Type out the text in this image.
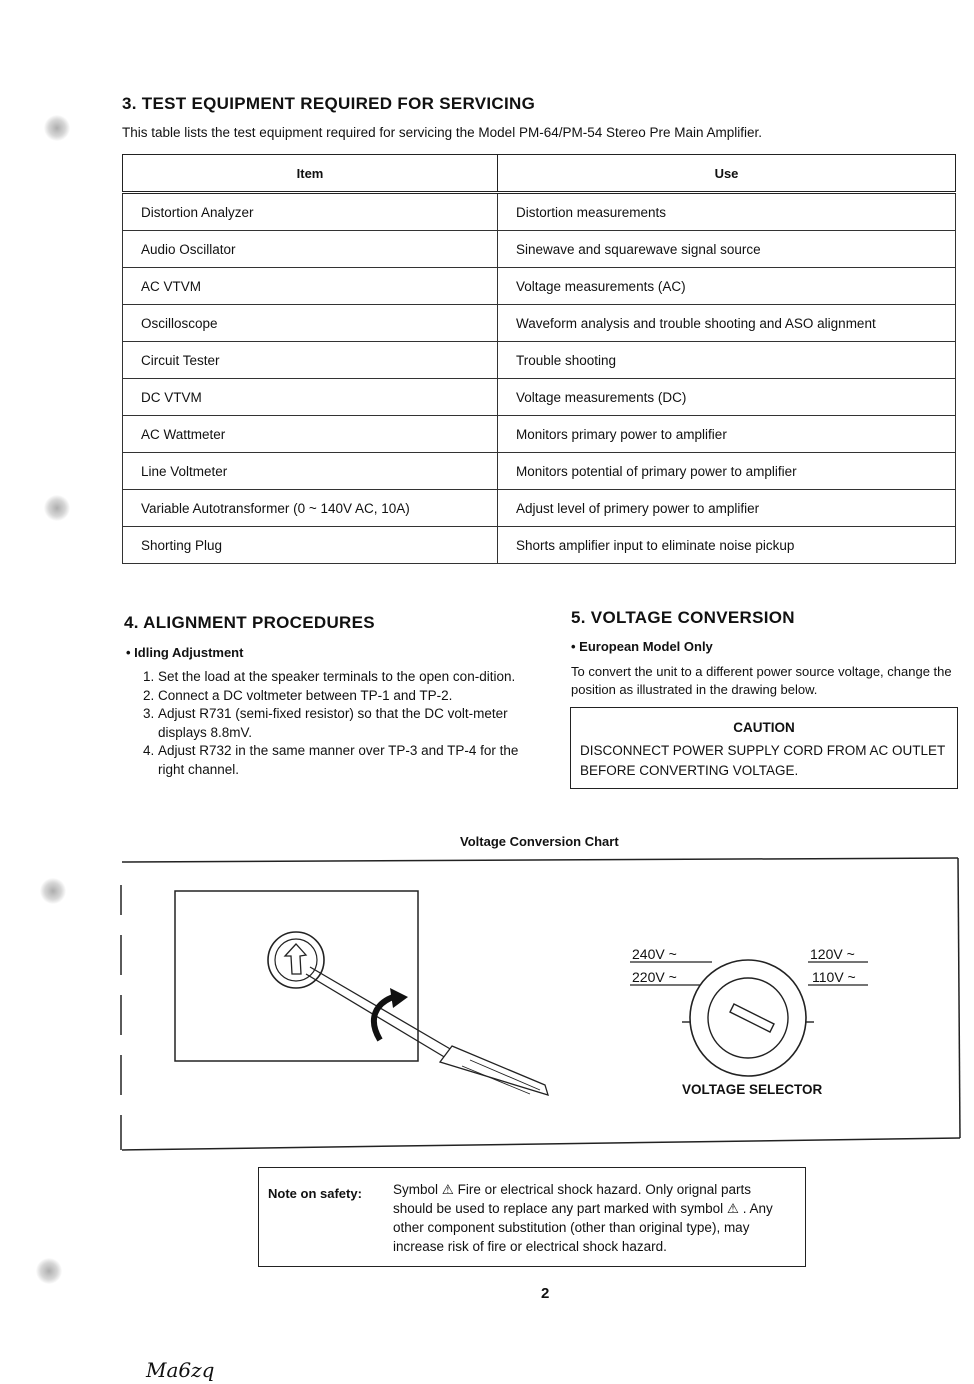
3. TEST EQUIPMENT REQUIRED FOR SERVICING
This table lists the test equipment required for servicing the Model PM-64/PM-54 Stereo Pre Main Amplifier.
Item	Use
Distortion Analyzer	Distortion measurements
Audio Oscillator	Sinewave and squarewave signal source
AC VTVM	Voltage measurements (AC)
Oscilloscope	Waveform analysis and trouble shooting and ASO alignment
Circuit Tester	Trouble shooting
DC VTVM	Voltage measurements (DC)
AC Wattmeter	Monitors primary power to amplifier
Line Voltmeter	Monitors potential of primary power to amplifier
Variable Autotransformer (0 ~ 140V AC, 10A)	Adjust level of primery power to amplifier
Shorting Plug	Shorts amplifier input to eliminate noise pickup
4. ALIGNMENT PROCEDURES
• Idling Adjustment
1. Set the load at the speaker terminals to the open con-dition.
2. Connect a DC voltmeter between TP-1 and TP-2.
3. Adjust R731 (semi-fixed resistor) so that the DC volt-meter displays 8.8mV.
4. Adjust R732 in the same manner over TP-3 and TP-4 for the right channel.
5. VOLTAGE CONVERSION
• European Model Only
To convert the unit to a different power source voltage, change the position as illustrated in the drawing below.
CAUTION
DISCONNECT POWER SUPPLY CORD FROM AC OUTLET BEFORE CONVERTING VOLTAGE.
Voltage Conversion Chart
240V ~
220V ~
120V ~
110V ~
VOLTAGE SELECTOR
Note on safety: Symbol ⚠ Fire or electrical shock hazard. Only orignal parts should be used to replace any part marked with symbol ⚠ . Any other component substitution (other than original type), may increase risk of fire or electrical shock hazard.
2
Ma6zq
